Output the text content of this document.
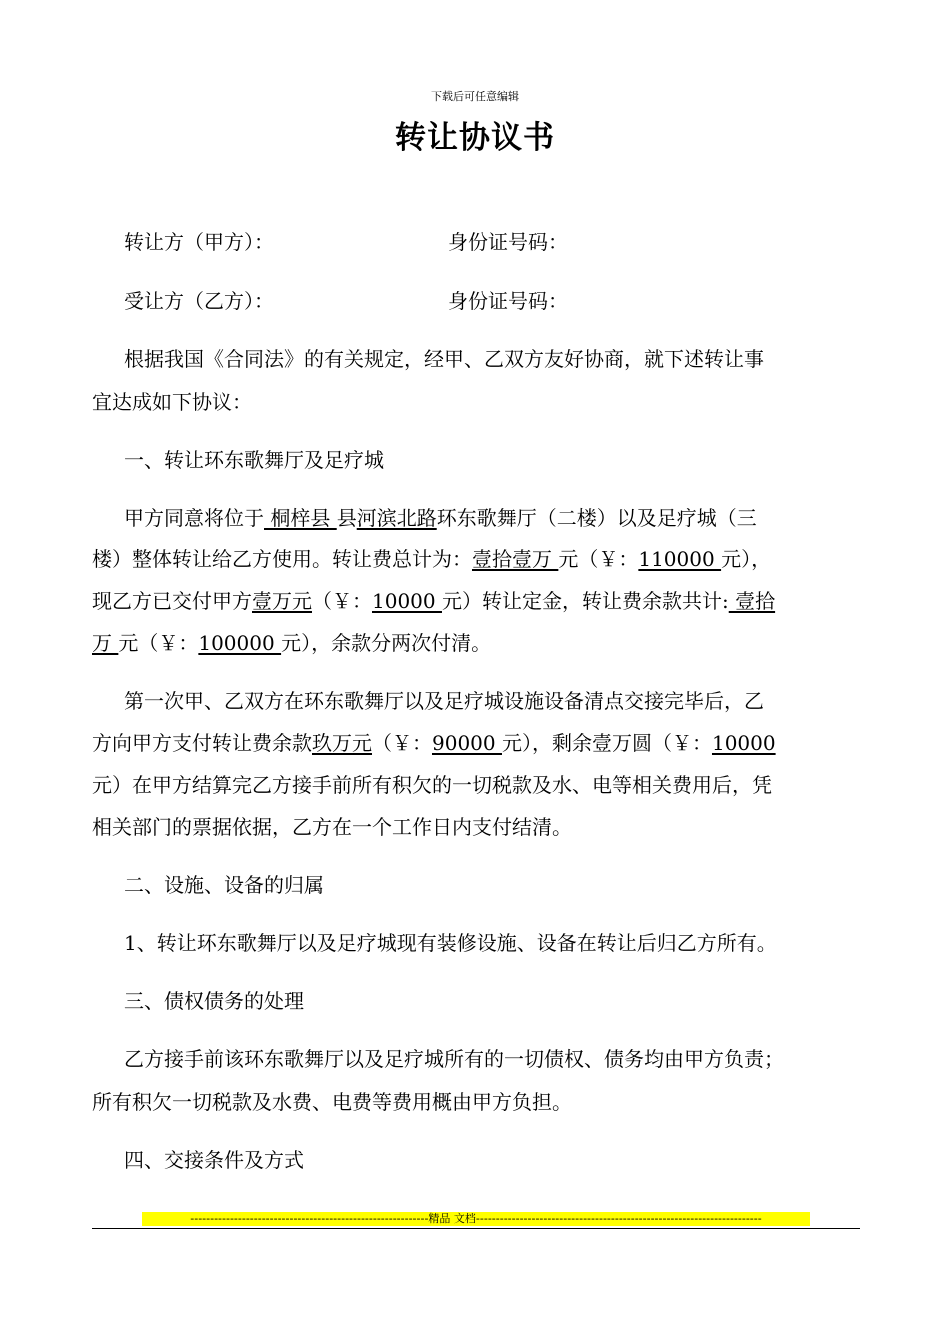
下载后可任意编辑
转让协议书
转让方（甲方）：	身份证号码：
受让方（乙方）：	身份证号码：
根据我国《合同法》的有关规定，经甲、乙双方友好协商，就下述转让事
宜达成如下协议：
一、转让环东歌舞厅及足疗城
甲方同意将位于 桐梓县 县河滨北路环东歌舞厅（二楼）以及足疗城（三
楼）整体转让给乙方使用。转让费总计为：壹拾壹万 元（￥：110000 元），
现乙方已交付甲方壹万元（￥：10000 元）转让定金，转让费余款共计: 壹拾
万 元（￥：100000 元），余款分两次付清。
第一次甲、乙双方在环东歌舞厅以及足疗城设施设备清点交接完毕后，乙
方向甲方支付转让费余款玖万元（￥：90000 元），剩余壹万圆（￥：10000
元）在甲方结算完乙方接手前所有积欠的一切税款及水、电等相关费用后，凭
相关部门的票据依据，乙方在一个工作日内支付结清。
二、设施、设备的归属
1、转让环东歌舞厅以及足疗城现有装修设施、设备在转让后归乙方所有。
三、债权债务的处理
乙方接手前该环东歌舞厅以及足疗城所有的一切债权、债务均由甲方负责；
所有积欠一切税款及水费、电费等费用概由甲方负担。
四、交接条件及方式
------------------------------------------------------------精品 文档------------------------------------------------------------------------
